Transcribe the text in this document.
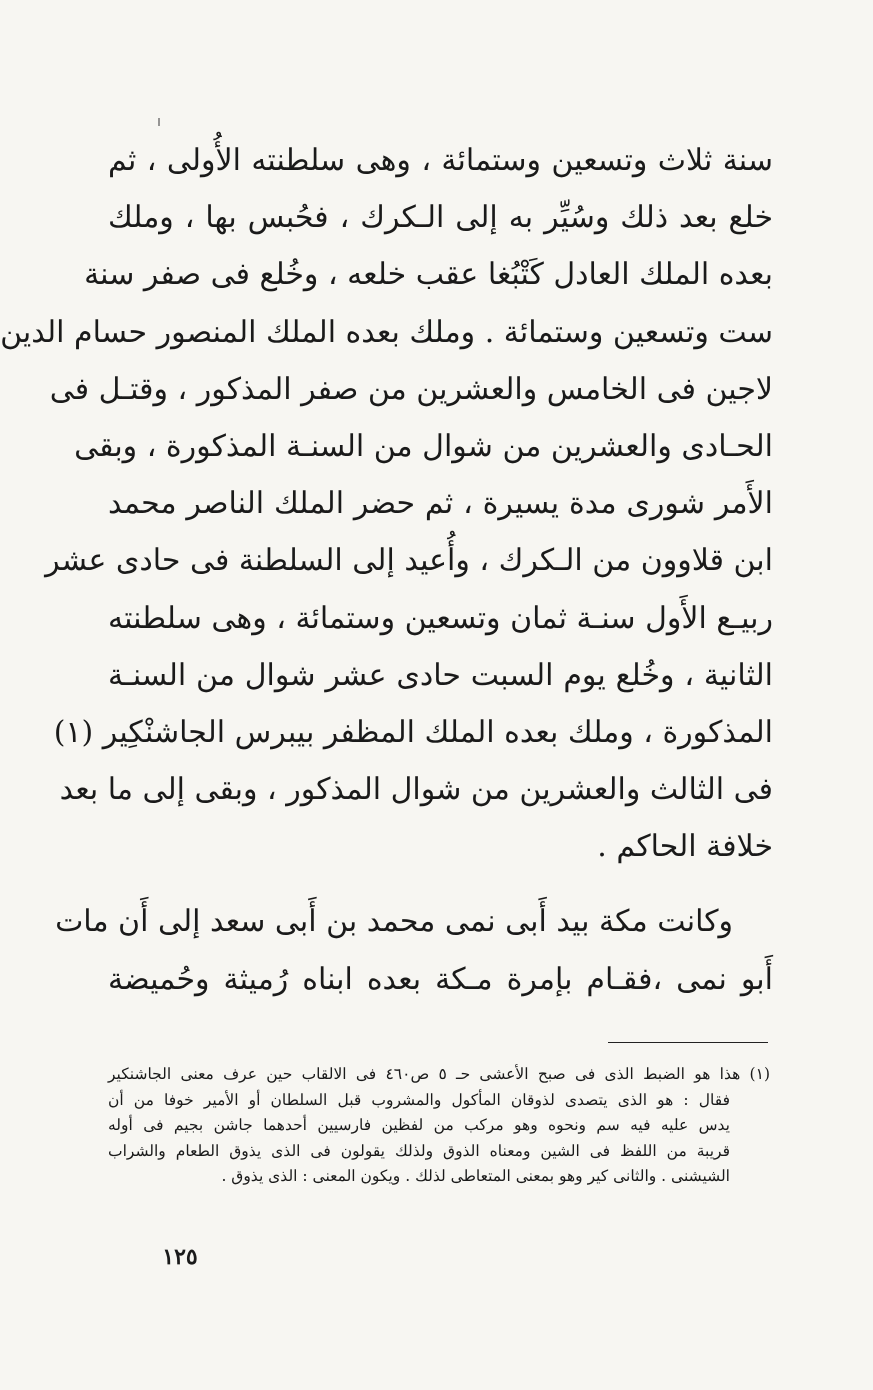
سنة ثلاث وتسعين وستمائة ، وهى سلطنته الأُولى ، ثم
خلع بعد ذلك وسُيِّر به إلى الـكرك ، فحُبس بها ، وملك
بعده الملك العادل كَتْبُغا عقب خلعه ، وخُلع فى صفر سنة
ست وتسعين وستمائة . وملك بعده الملك المنصور حسام الدين
لاجين فى الخامس والعشرين من صفر المذكور ، وقتـل فى
الحـادى والعشرين من شوال من السنـة المذكورة ، وبقى
الأَمر شورى مدة يسيرة ، ثم حضر الملك الناصر محمد
ابن قلاوون من الـكرك ، وأُعيد إلى السلطنة فى حادى عشر
ربيـع الأَول سنـة ثمان وتسعين وستمائة ، وهى سلطنته
الثانية ، وخُلع يوم السبت حادى عشر شوال من السنـة
المذكورة ، وملك بعده الملك المظفر بيبرس الجاشنْكِير (١)
فى الثالث والعشرين من شوال المذكور ، وبقى إلى ما بعد
خلافة الحاكم .
وكانت مكة بيد أَبى نمى محمد بن أَبى سعد إلى أَن مات
أَبو نمى ،فقـام بإمرة مـكة بعده ابناه رُميثة وحُميضة
(١) هذا هو الضبط الذى فى صبح الأعشى حـ ٥ ص٤٦٠ فى الالقاب حين عرف معنى الجاشنكير
فقال : هو الذى يتصدى لذوقان المأكول والمشروب قبل السلطان أو الأمير خوفا من أن
يدس عليه فيه سم ونحوه وهو مركب من لفظين فارسيين أحدهما جاشن بجيم فى أوله
قريبة من اللفظ فى الشين ومعناه الذوق ولذلك يقولون فى الذى يذوق الطعام والشراب
الشيشنى . والثانى كير وهو بمعنى المتعاطى لذلك . ويكون المعنى : الذى يذوق .
١٢٥
